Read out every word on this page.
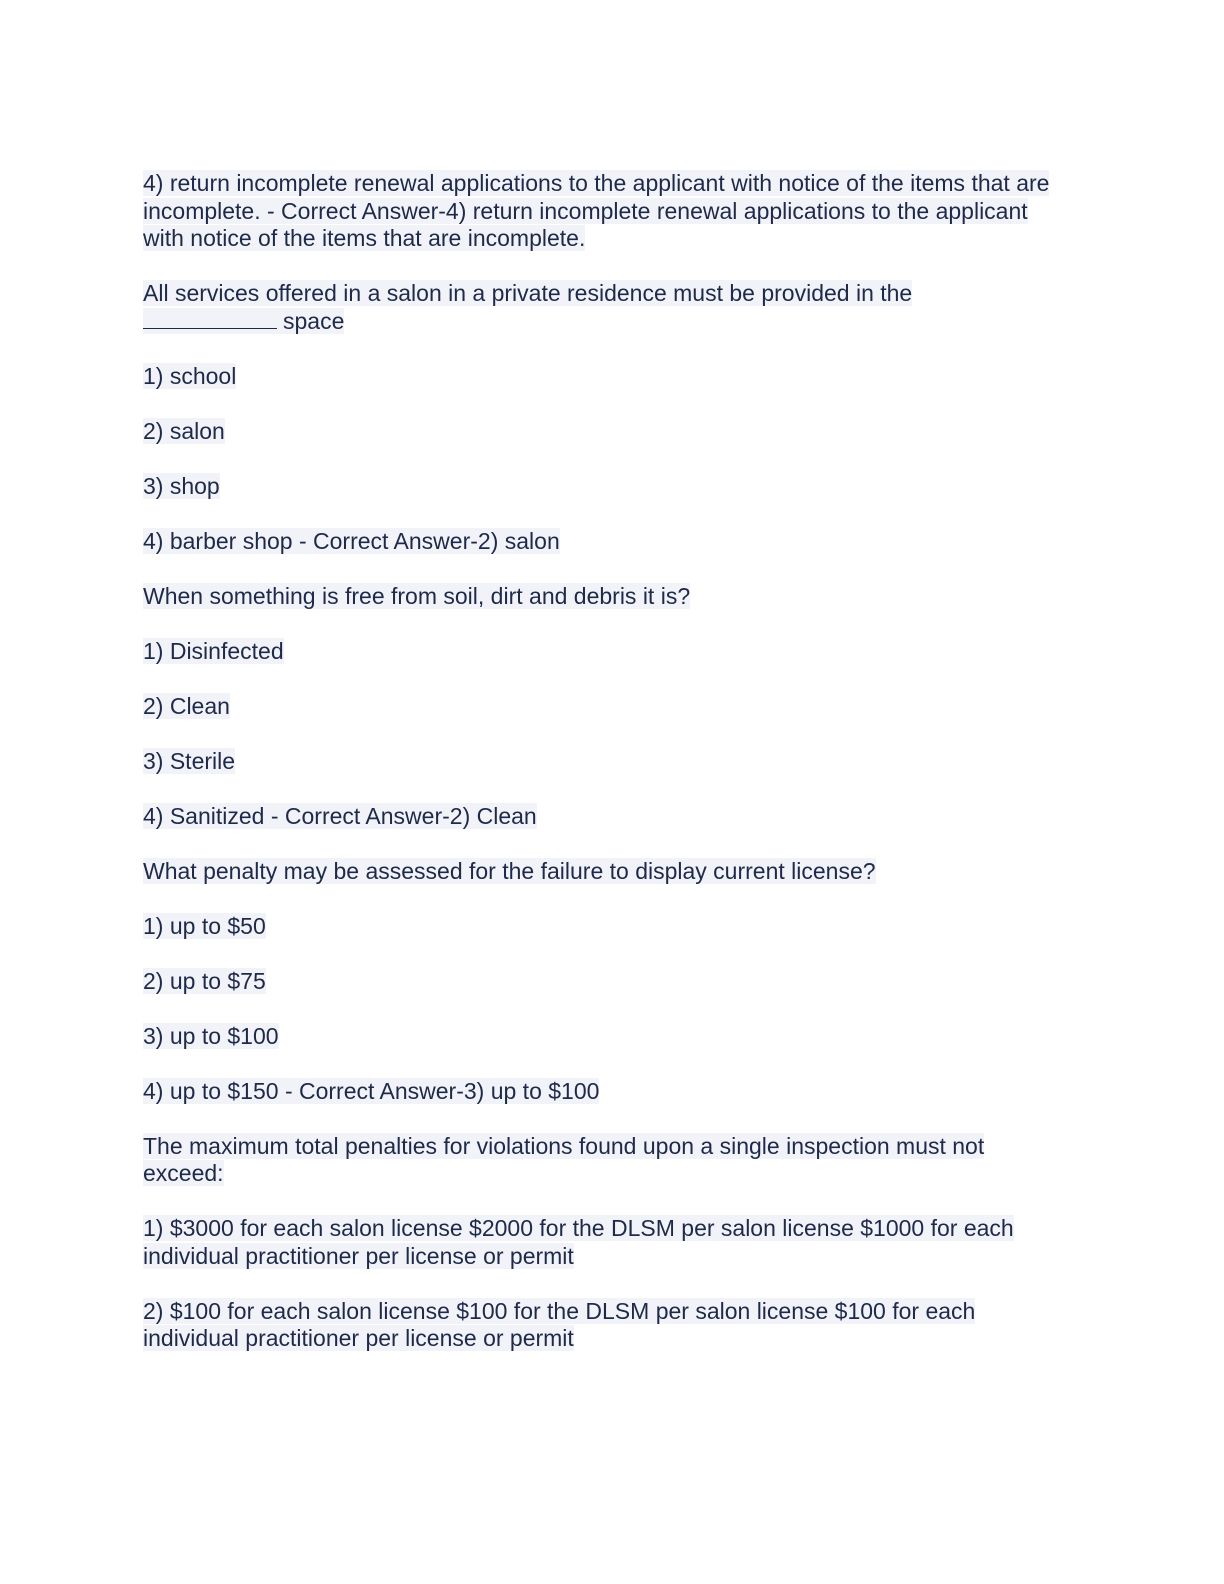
4) return incomplete renewal applications to the applicant with notice of the items that are incomplete. - Correct Answer-4) return incomplete renewal applications to the applicant with notice of the items that are incomplete.

All services offered in a salon in a private residence must be provided in the
space

1) school

2) salon

3) shop

4) barber shop - Correct Answer-2) salon

When something is free from soil, dirt and debris it is?

1) Disinfected

2) Clean

3) Sterile

4) Sanitized - Correct Answer-2) Clean

What penalty may be assessed for the failure to display current license?

1) up to $50

2) up to $75

3) up to $100

4) up to $150 - Correct Answer-3) up to $100

The maximum total penalties for violations found upon a single inspection must not exceed:

1) $3000 for each salon license $2000 for the DLSM per salon license $1000 for each individual practitioner per license or permit

2) $100 for each salon license $100 for the DLSM per salon license $100 for each individual practitioner per license or permit
